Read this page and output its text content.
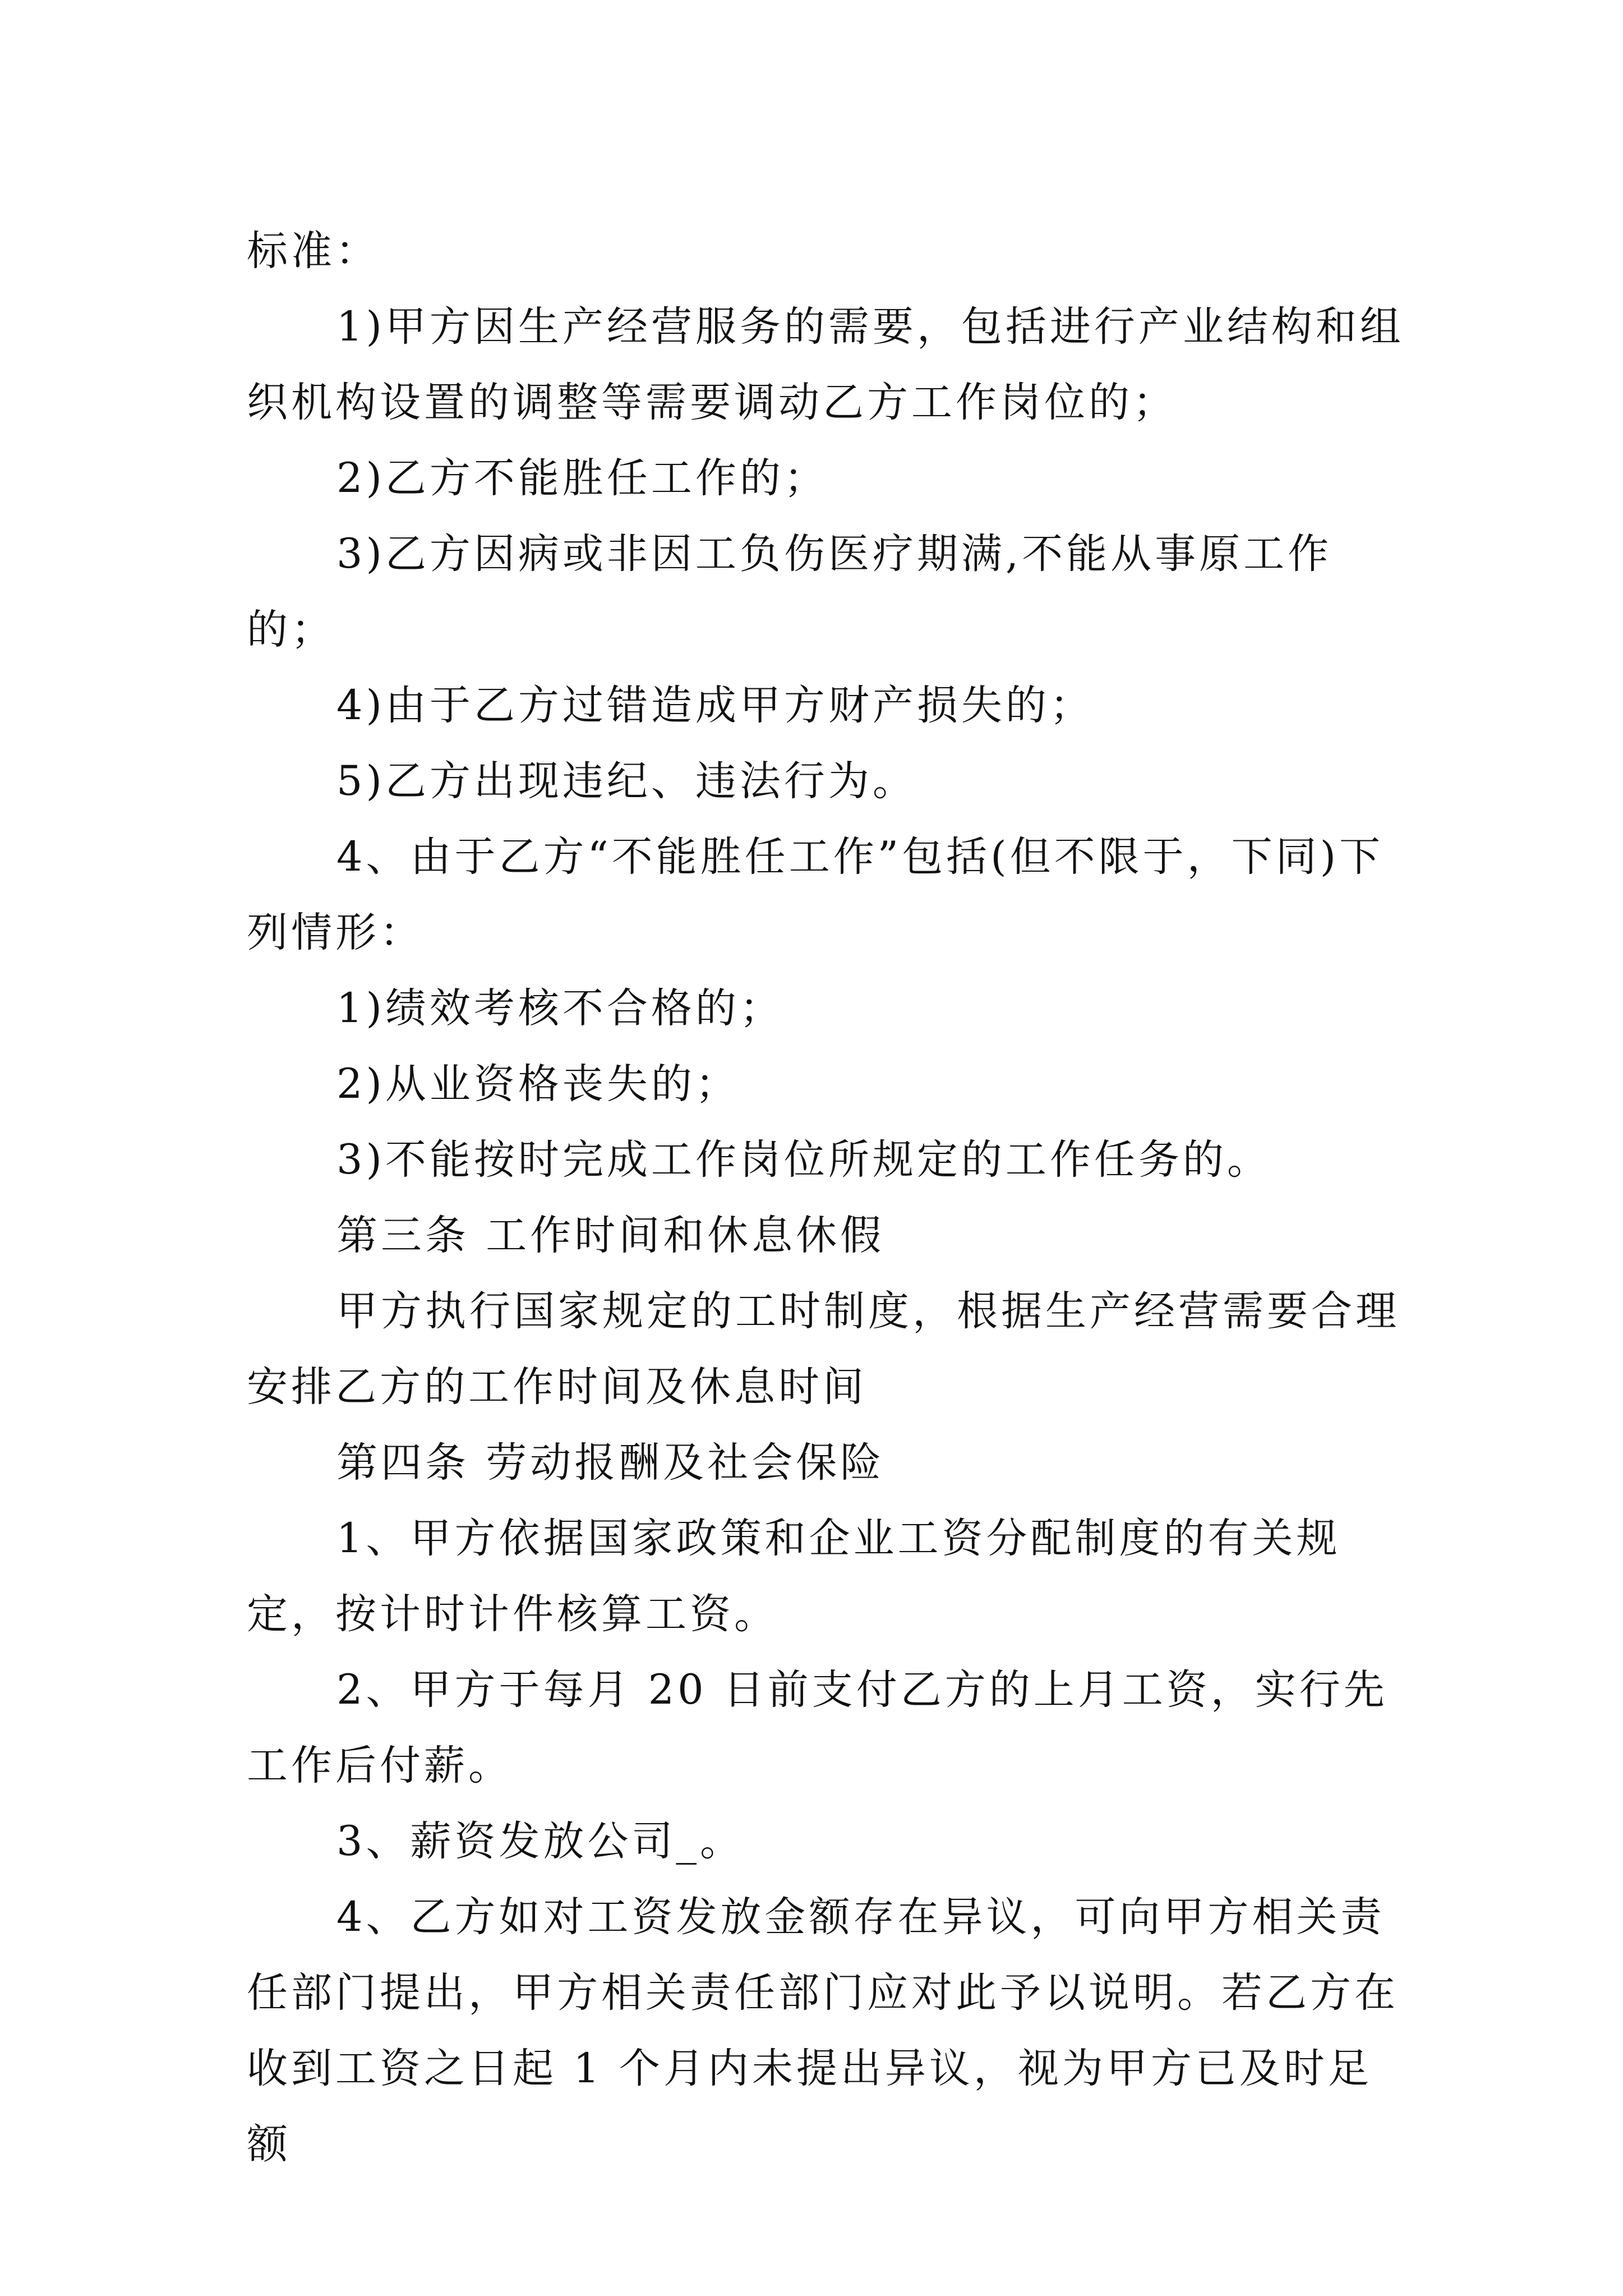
标准：

1)甲方因生产经营服务的需要，包括进行产业结构和组织机构设置的调整等需要调动乙方工作岗位的；

2)乙方不能胜任工作的；

3)乙方因病或非因工负伤医疗期满,不能从事原工作的；

4)由于乙方过错造成甲方财产损失的；

5)乙方出现违纪、违法行为。

4、由于乙方“不能胜任工作”包括(但不限于，下同)下列情形：

1)绩效考核不合格的；

2)从业资格丧失的；

3)不能按时完成工作岗位所规定的工作任务的。

第三条 工作时间和休息休假

甲方执行国家规定的工时制度，根据生产经营需要合理安排乙方的工作时间及休息时间

第四条 劳动报酬及社会保险

1、甲方依据国家政策和企业工资分配制度的有关规定，按计时计件核算工资。

2、甲方于每月 20 日前支付乙方的上月工资，实行先工作后付薪。

3、薪资发放公司_。

4、乙方如对工资发放金额存在异议，可向甲方相关责任部门提出，甲方相关责任部门应对此予以说明。若乙方在收到工资之日起 1 个月内未提出异议，视为甲方已及时足额
